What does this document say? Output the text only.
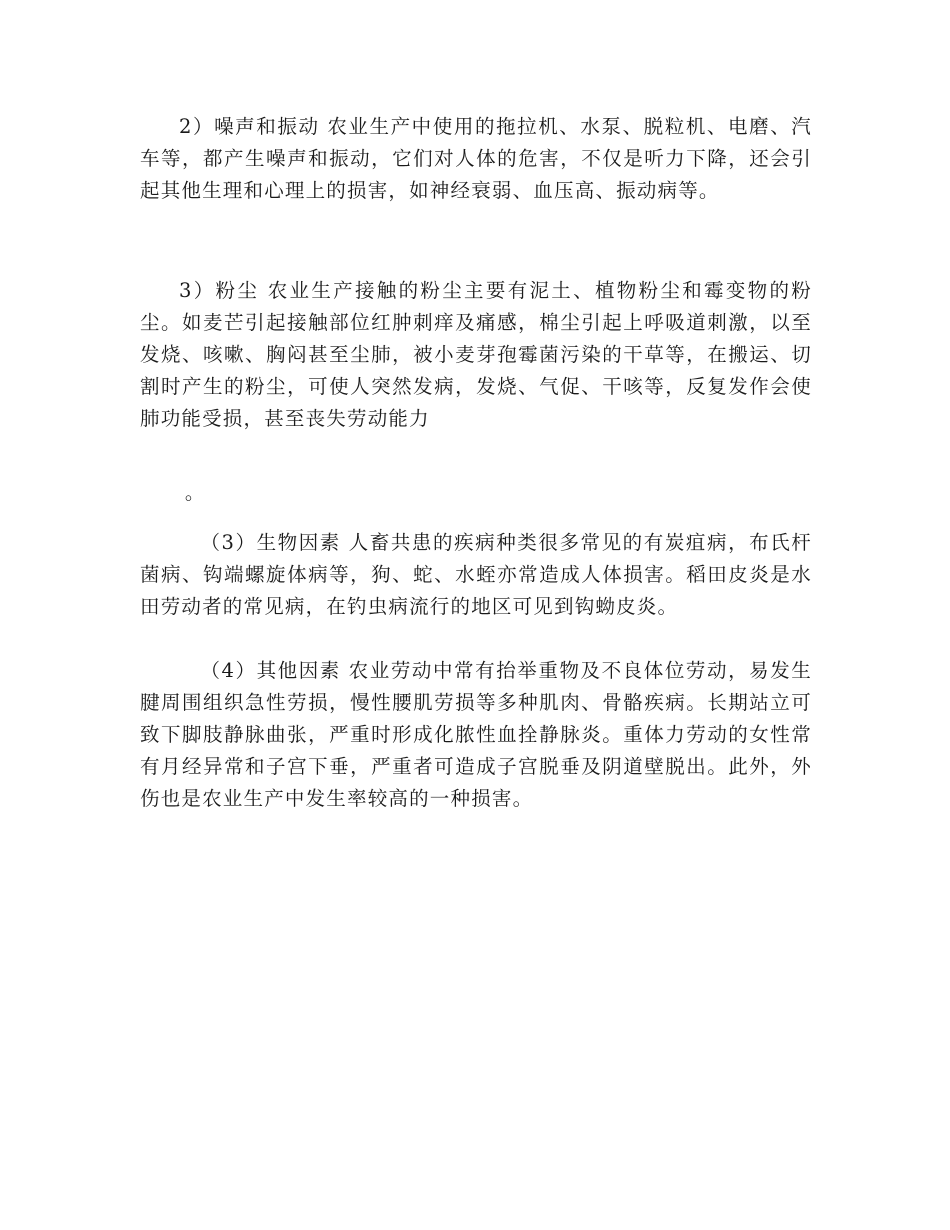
2）噪声和振动 农业生产中使用的拖拉机、水泵、脱粒机、电磨、汽车等，都产生噪声和振动，它们对人体的危害，不仅是听力下降，还会引起其他生理和心理上的损害，如神经衰弱、血压高、振动病等。

3）粉尘 农业生产接触的粉尘主要有泥土、植物粉尘和霉变物的粉尘。如麦芒引起接触部位红肿刺痒及痛感，棉尘引起上呼吸道刺激，以至发烧、咳嗽、胸闷甚至尘肺，被小麦芽孢霉菌污染的干草等，在搬运、切割时产生的粉尘，可使人突然发病，发烧、气促、干咳等，反复发作会使肺功能受损，甚至丧失劳动能力

。

（3）生物因素 人畜共患的疾病种类很多常见的有炭疽病，布氏杆菌病、钩端螺旋体病等，狗、蛇、水蛭亦常造成人体损害。稻田皮炎是水田劳动者的常见病，在钓虫病流行的地区可见到钩蚴皮炎。

（4）其他因素 农业劳动中常有抬举重物及不良体位劳动，易发生腱周围组织急性劳损，慢性腰肌劳损等多种肌肉、骨骼疾病。长期站立可致下脚肢静脉曲张，严重时形成化脓性血拴静脉炎。重体力劳动的女性常有月经异常和子宫下垂，严重者可造成子宫脱垂及阴道壁脱出。此外，外伤也是农业生产中发生率较高的一种损害。
